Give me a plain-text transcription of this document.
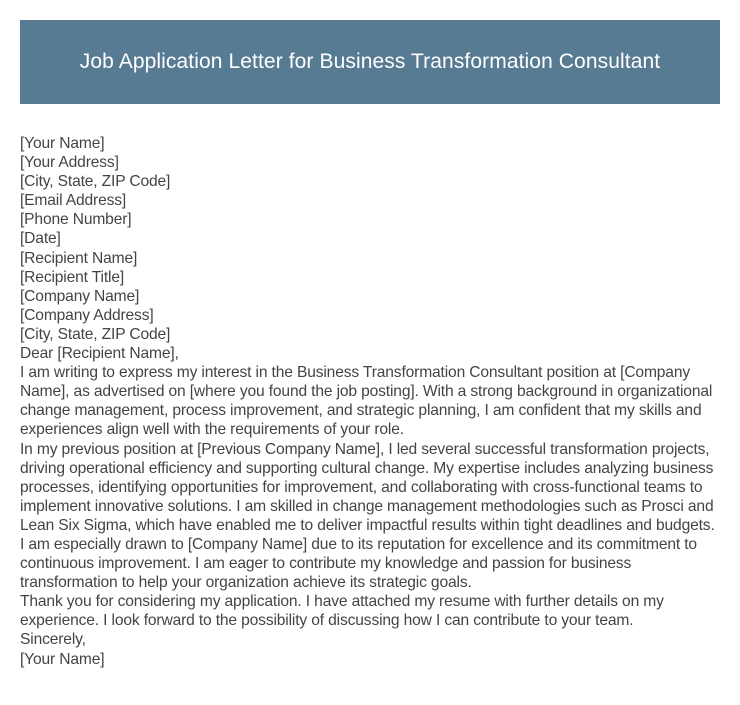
Job Application Letter for Business Transformation Consultant

[Your Name]

[Your Address]

[City, State, ZIP Code]

[Email Address]

[Phone Number]

[Date]

[Recipient Name]

[Recipient Title]

[Company Name]

[Company Address]

[City, State, ZIP Code]

Dear [Recipient Name],

I am writing to express my interest in the Business Transformation Consultant position at [Company Name], as advertised on [where you found the job posting]. With a strong background in organizational change management, process improvement, and strategic planning, I am confident that my skills and experiences align well with the requirements of your role.

In my previous position at [Previous Company Name], I led several successful transformation projects, driving operational efficiency and supporting cultural change. My expertise includes analyzing business processes, identifying opportunities for improvement, and collaborating with cross-functional teams to implement innovative solutions. I am skilled in change management methodologies such as Prosci and Lean Six Sigma, which have enabled me to deliver impactful results within tight deadlines and budgets.

I am especially drawn to [Company Name] due to its reputation for excellence and its commitment to continuous improvement. I am eager to contribute my knowledge and passion for business transformation to help your organization achieve its strategic goals.

Thank you for considering my application. I have attached my resume with further details on my experience. I look forward to the possibility of discussing how I can contribute to your team.

Sincerely,

[Your Name]
